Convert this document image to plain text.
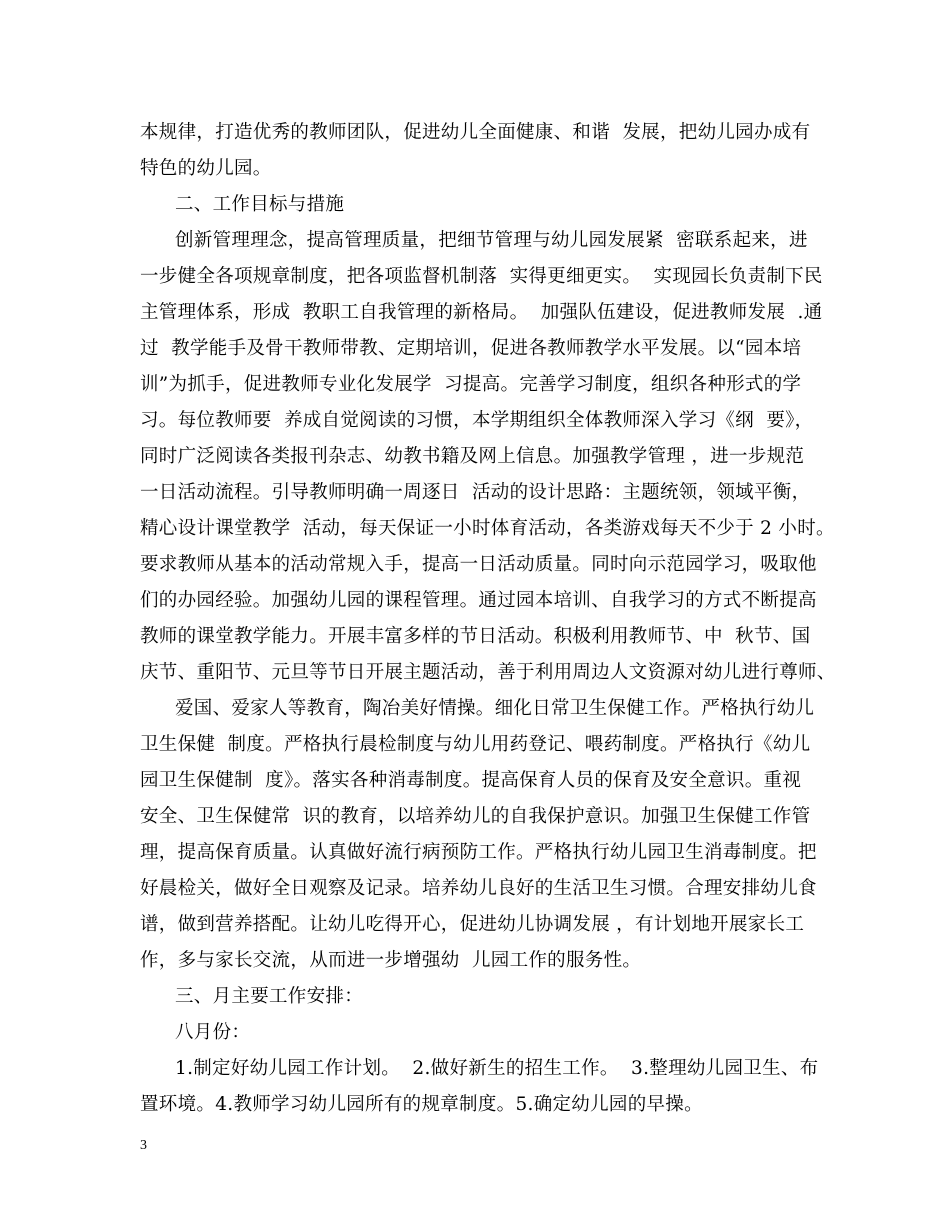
本规律，打造优秀的教师团队，促进幼儿全面健康、和谐  发展，把幼儿园办成有
特色的幼儿园。
二、工作目标与措施
创新管理理念，提高管理质量，把细节管理与幼儿园发展紧  密联系起来，进
一步健全各项规章制度，把各项监督机制落  实得更细更实。  实现园长负责制下民
主管理体系，形成  教职工自我管理的新格局。  加强队伍建设，促进教师发展  .通
过  教学能手及骨干教师带教、定期培训，促进各教师教学水平发展。以“园本培
训”为抓手，促进教师专业化发展学  习提高。完善学习制度，组织各种形式的学
习。每位教师要  养成自觉阅读的习惯，本学期组织全体教师深入学习《纲  要》，
同时广泛阅读各类报刊杂志、幼教书籍及网上信息。加强教学管理 ，进一步规范
一日活动流程。引导教师明确一周逐日  活动的设计思路：主题统领，领域平衡，
精心设计课堂教学  活动，每天保证一小时体育活动，各类游戏每天不少于 2 小时。
要求教师从基本的活动常规入手，提高一日活动质量。同时向示范园学习，吸取他
们的办园经验。加强幼儿园的课程管理。通过园本培训、自我学习的方式不断提高
教师的课堂教学能力。开展丰富多样的节日活动。积极利用教师节、中  秋节、国
庆节、重阳节、元旦等节日开展主题活动，善于利用周边人文资源对幼儿进行尊师、
爱国、爱家人等教育，陶冶美好情操。细化日常卫生保健工作。严格执行幼儿
卫生保健  制度。严格执行晨检制度与幼儿用药登记、喂药制度。严格执行《幼儿
园卫生保健制  度》。落实各种消毒制度。提高保育人员的保育及安全意识。重视
安全、卫生保健常  识的教育，以培养幼儿的自我保护意识。加强卫生保健工作管
理，提高保育质量。认真做好流行病预防工作。严格执行幼儿园卫生消毒制度。把
好晨检关，做好全日观察及记录。培养幼儿良好的生活卫生习惯。合理安排幼儿食
谱，做到营养搭配。让幼儿吃得开心，促进幼儿协调发展 ，有计划地开展家长工
作，多与家长交流，从而进一步增强幼  儿园工作的服务性。
三、月主要工作安排：
八月份：
1.制定好幼儿园工作计划。  2.做好新生的招生工作。  3.整理幼儿园卫生、布
置环境。4.教师学习幼儿园所有的规章制度。5.确定幼儿园的早操。
3
